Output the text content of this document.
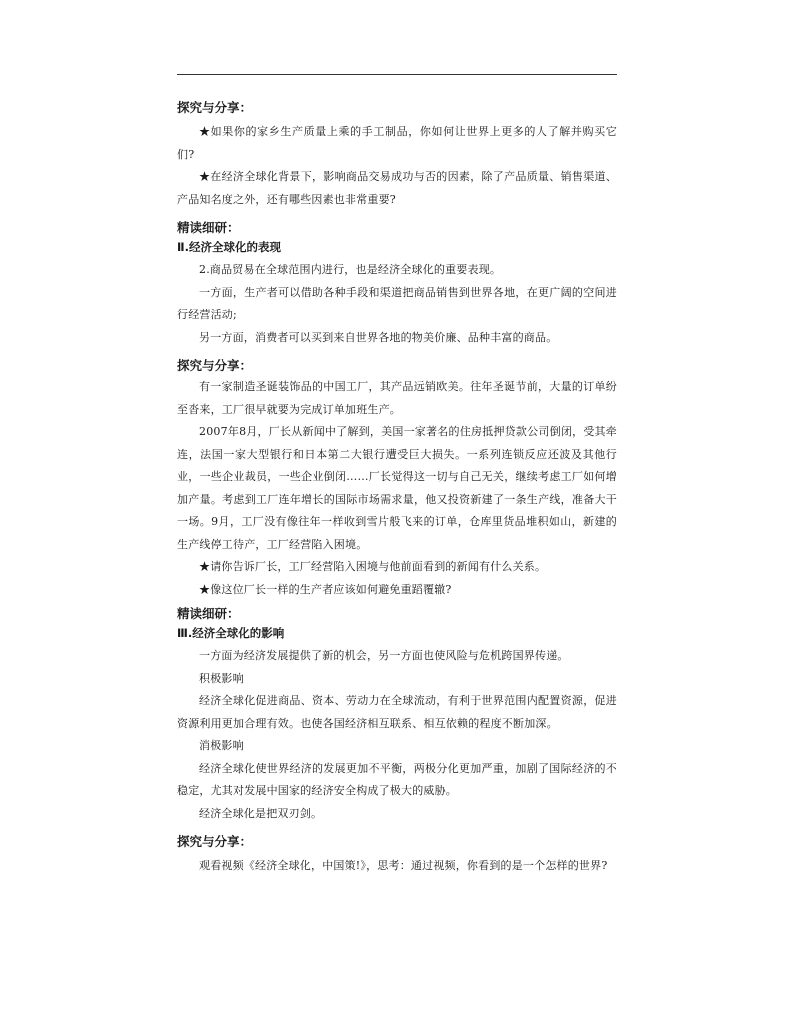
探究与分享：

★如果你的家乡生产质量上乘的手工制品，你如何让世界上更多的人了解并购买它们?

★在经济全球化背景下，影响商品交易成功与否的因素，除了产品质量、销售渠道、产品知名度之外，还有哪些因素也非常重要?

精读细研：

Ⅱ.经济全球化的表现

2.商品贸易在全球范围内进行，也是经济全球化的重要表现。

一方面，生产者可以借助各种手段和渠道把商品销售到世界各地，在更广阔的空间进行经营活动;

另一方面，消费者可以买到来自世界各地的物美价廉、品种丰富的商品。

探究与分享：

有一家制造圣诞装饰品的中国工厂，其产品远销欧美。往年圣诞节前，大量的订单纷至沓来，工厂很早就要为完成订单加班生产。

2007年8月，厂长从新闻中了解到，美国一家著名的住房抵押贷款公司倒闭，受其牵连，法国一家大型银行和日本第二大银行遭受巨大损失。一系列连锁反应还波及其他行业，一些企业裁员，一些企业倒闭……厂长觉得这一切与自己无关，继续考虑工厂如何增加产量。考虑到工厂连年增长的国际市场需求量，他又投资新建了一条生产线，准备大干一场。9月，工厂没有像往年一样收到雪片般飞来的订单，仓库里货品堆积如山，新建的生产线停工待产，工厂经营陷入困境。

★请你告诉厂长，工厂经营陷入困境与他前面看到的新闻有什么关系。

★像这位厂长一样的生产者应该如何避免重蹈覆辙?

精读细研：

Ⅲ.经济全球化的影响

一方面为经济发展提供了新的机会，另一方面也使风险与危机跨国界传递。

积极影响

经济全球化促进商品、资本、劳动力在全球流动，有利于世界范围内配置资源，促进资源利用更加合理有效。也使各国经济相互联系、相互依赖的程度不断加深。

消极影响

经济全球化使世界经济的发展更加不平衡，两极分化更加严重，加剧了国际经济的不稳定，尤其对发展中国家的经济安全构成了极大的威胁。

经济全球化是把双刃剑。

探究与分享：

观看视频《经济全球化，中国策!》，思考：通过视频，你看到的是一个怎样的世界?
